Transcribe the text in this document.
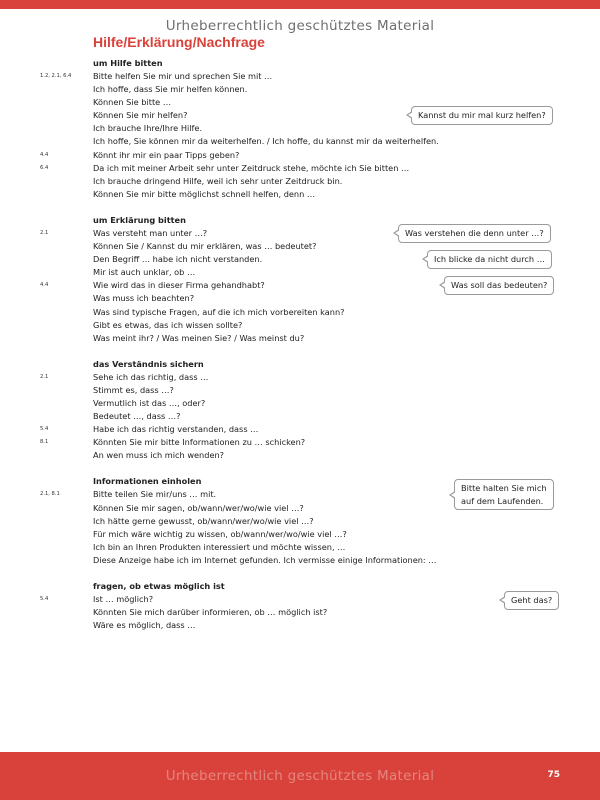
Urheberrechtlich geschütztes Material
Hilfe/Erklärung/Nachfrage
um Hilfe bitten
1.2, 2.1, 6.4	Bitte helfen Sie mir und sprechen Sie mit …
Ich hoffe, dass Sie mir helfen können.
Können Sie bitte …
Können Sie mir helfen?
Ich brauche Ihre/Ihre Hilfe.
Ich hoffe, Sie können mir da weiterhelfen. / Ich hoffe, du kannst mir da weiterhelfen.
4.4	Könnt ihr mir ein paar Tipps geben?
6.4	Da ich mit meiner Arbeit sehr unter Zeitdruck stehe, möchte ich Sie bitten …
Ich brauche dringend Hilfe, weil ich sehr unter Zeitdruck bin.
Können Sie mir bitte möglichst schnell helfen, denn …
um Erklärung bitten
2.1	Was versteht man unter …?
Können Sie / Kannst du mir erklären, was … bedeutet?
Den Begriff … habe ich nicht verstanden.
Mir ist auch unklar, ob …
4.4	Wie wird das in dieser Firma gehandhabt?
Was muss ich beachten?
Was sind typische Fragen, auf die ich mich vorbereiten kann?
Gibt es etwas, das ich wissen sollte?
Was meint ihr? / Was meinen Sie? / Was meinst du?
das Verständnis sichern
2.1	Sehe ich das richtig, dass …
Stimmt es, dass …?
Vermutlich ist das …, oder?
Bedeutet …, dass …?
5.4	Habe ich das richtig verstanden, dass …
8.1	Könnten Sie mir bitte Informationen zu … schicken?
An wen muss ich mich wenden?
Informationen einholen
2.1, 8.1	Bitte teilen Sie mir/uns … mit.
Können Sie mir sagen, ob/wann/wer/wo/wie viel …?
Ich hätte gerne gewusst, ob/wann/wer/wo/wie viel …?
Für mich wäre wichtig zu wissen, ob/wann/wer/wo/wie viel …?
Ich bin an Ihren Produkten interessiert und möchte wissen, …
Diese Anzeige habe ich im Internet gefunden. Ich vermisse einige Informationen: …
fragen, ob etwas möglich ist
5.4	Ist … möglich?
Könnten Sie mich darüber informieren, ob … möglich ist?
Wäre es möglich, dass …
Kannst du mir mal kurz helfen?
Was verstehen die denn unter …?
Ich blicke da nicht durch …
Was soll das bedeuten?
Bitte halten Sie mich
auf dem Laufenden.
Geht das?
Urheberrechtlich geschütztes Material	75
